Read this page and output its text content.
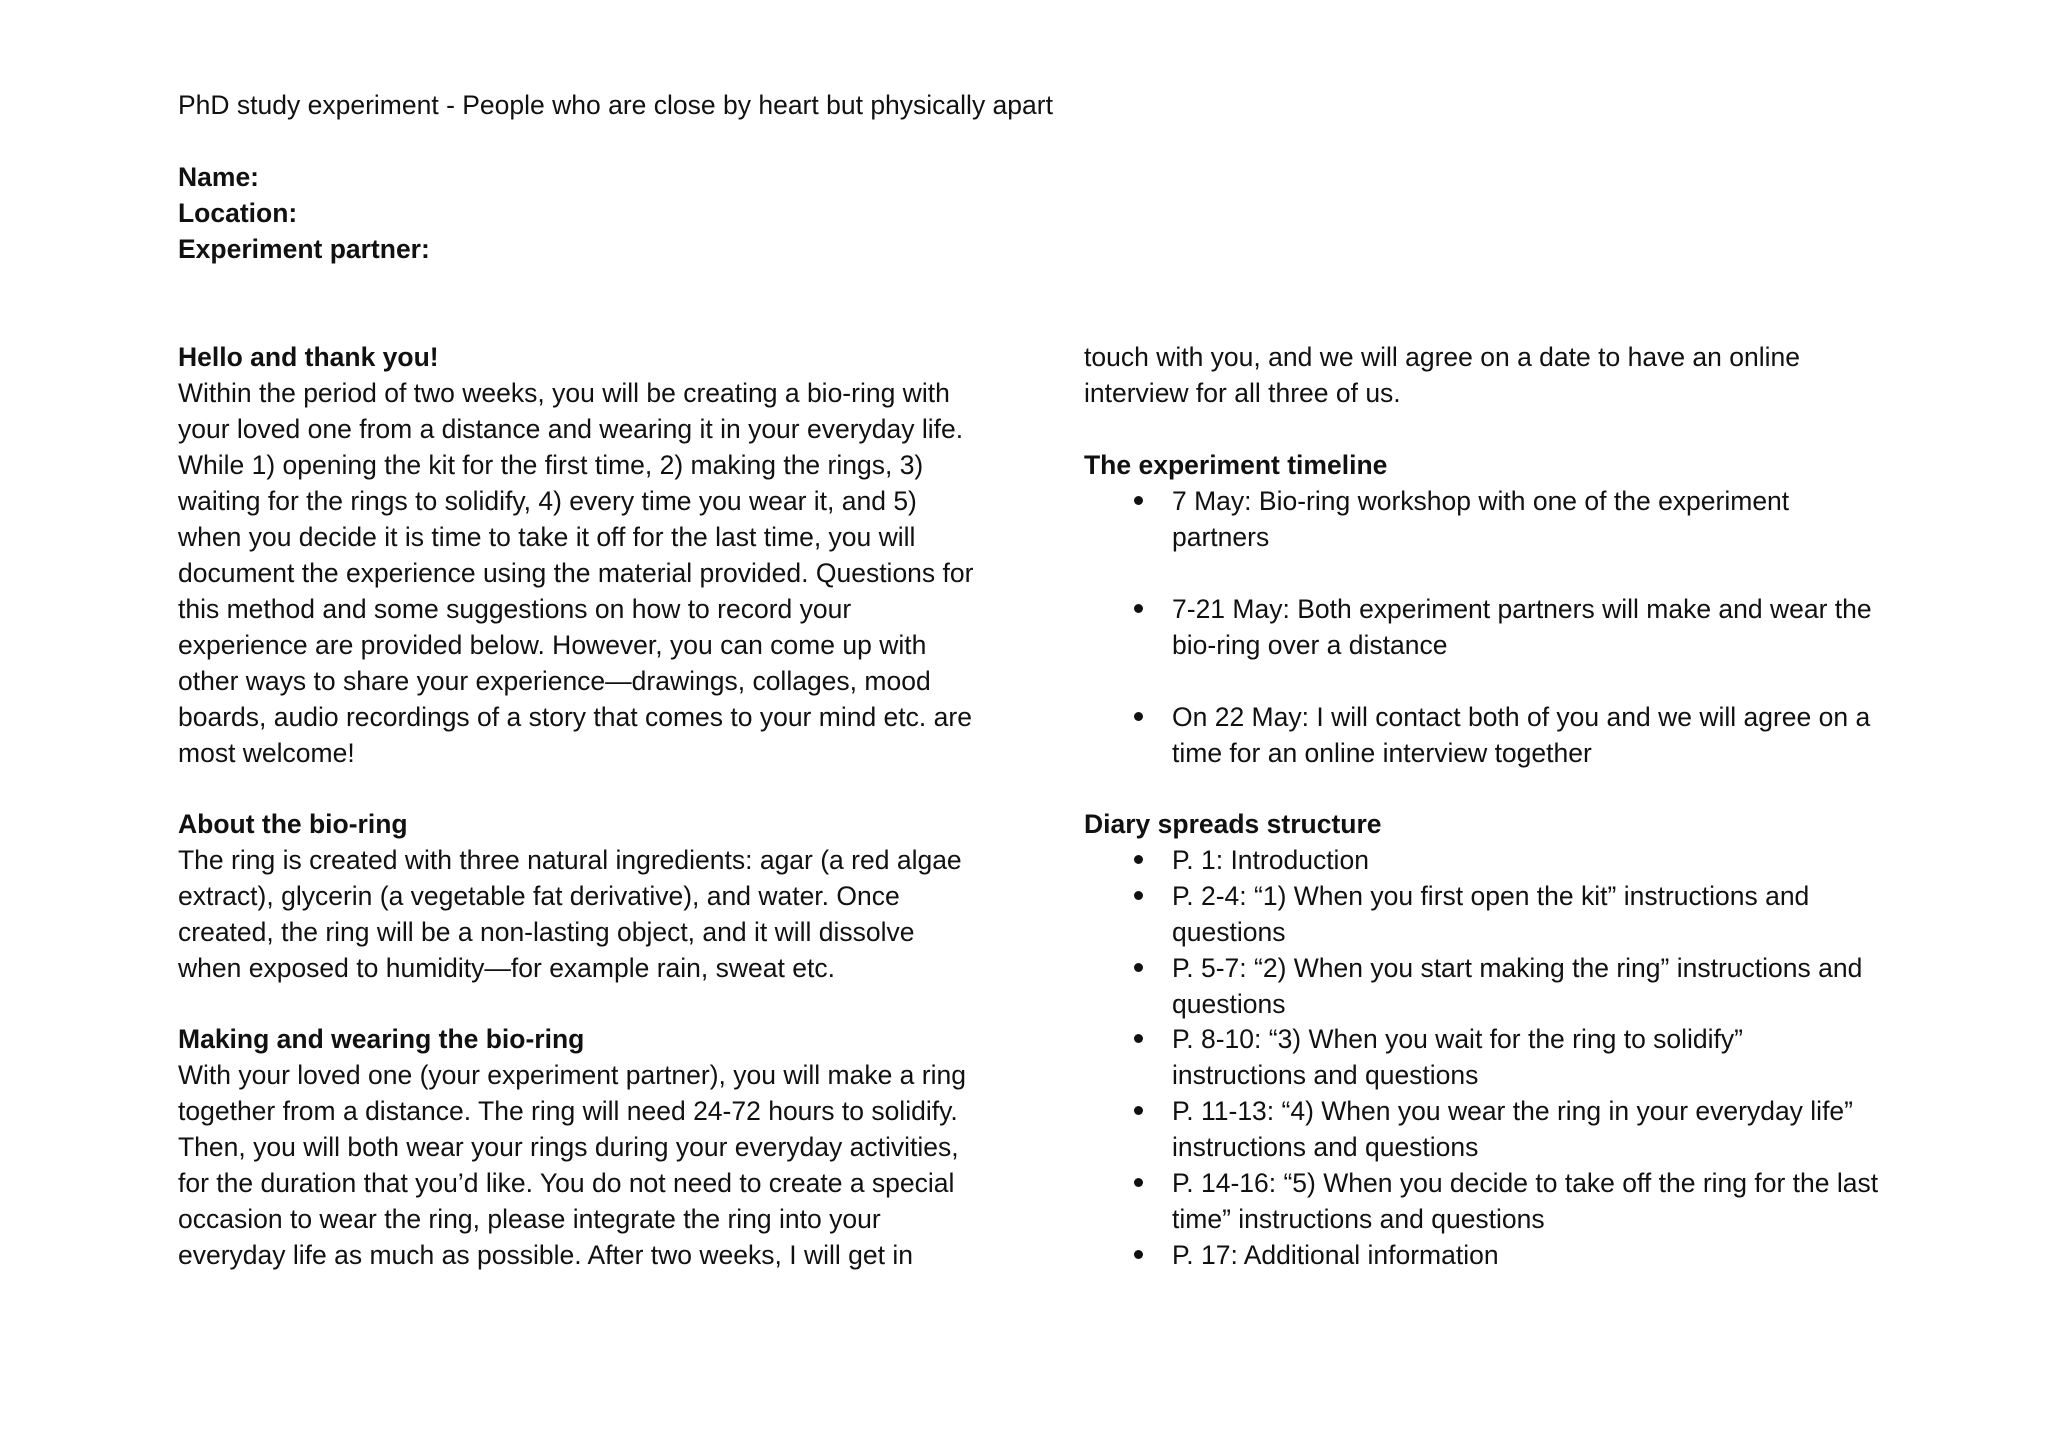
PhD study experiment - People who are close by heart but physically apart
Name:
Location:
Experiment partner:
Hello and thank you!
Within the period of two weeks, you will be creating a bio-ring with
your loved one from a distance and wearing it in your everyday life.
While 1) opening the kit for the first time, 2) making the rings, 3)
waiting for the rings to solidify, 4) every time you wear it, and 5)
when you decide it is time to take it off for the last time, you will
document the experience using the material provided. Questions for
this method and some suggestions on how to record your
experience are provided below. However, you can come up with
other ways to share your experience—drawings, collages, mood
boards, audio recordings of a story that comes to your mind etc. are
most welcome!
About the bio-ring
The ring is created with three natural ingredients: agar (a red algae
extract), glycerin (a vegetable fat derivative), and water. Once
created, the ring will be a non-lasting object, and it will dissolve
when exposed to humidity—for example rain, sweat etc.
Making and wearing the bio-ring
With your loved one (your experiment partner), you will make a ring
together from a distance. The ring will need 24-72 hours to solidify.
Then, you will both wear your rings during your everyday activities,
for the duration that you’d like. You do not need to create a special
occasion to wear the ring, please integrate the ring into your
everyday life as much as possible. After two weeks, I will get in
touch with you, and we will agree on a date to have an online
interview for all three of us.
The experiment timeline
7 May: Bio-ring workshop with one of the experiment
partners
7-21 May: Both experiment partners will make and wear the
bio-ring over a distance
On 22 May: I will contact both of you and we will agree on a
time for an online interview together
Diary spreads structure
P. 1: Introduction
P. 2-4: “1) When you first open the kit” instructions and
questions
P. 5-7: “2) When you start making the ring” instructions and
questions
P. 8-10: “3) When you wait for the ring to solidify”
instructions and questions
P. 11-13: “4) When you wear the ring in your everyday life”
instructions and questions
P. 14-16: “5) When you decide to take off the ring for the last
time” instructions and questions
P. 17: Additional information
